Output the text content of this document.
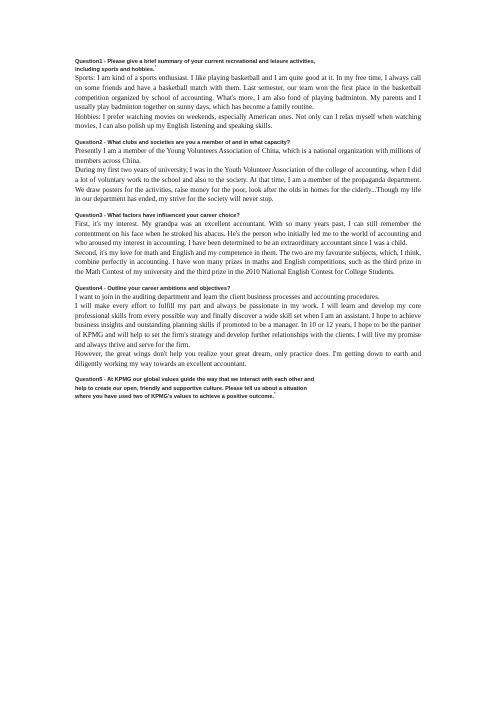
Question1 - Please give a brief summary of your current recreational and leisure activities,
including sports and hobbies.*

Sports: I am kind of a sports enthusiast. I like playing basketball and I am quite good at it. In my free time, I always call on some friends and have a basketball match with them. Last semester, our team won the first place in the basketball competition organized by school of accounting. What's more, I am also fond of playing badminton. My parents and I usually play badminton together on sunny days, which has become a family routine.

Hobbies: I prefer watching movies on weekends, especially American ones. Not only can I relax myself when watching movies, I can also polish up my English listening and speaking skills.

Question2 - What clubs and societies are you a member of and in what capacity?

Presently I am a member of the Young Volunteers Association of China, which is a national organization with millions of members across China.

During my first two years of university, I was in the Youth Volunteer Association of the college of accounting, when I did a lot of voluntary work to the school and also to the society. At that time, I am a member of the propaganda department. We draw posters for the activities, raise money for the poor, look after the olds in homes for the ciderly...Though my life in our department has ended, my strive for the society will never stop.

Question3 - What factors have influenced your career choice?

First, it's my interest. My grandpa was an excellent accountant. With so many years past, I can still remember the contentment on his face when he stroked his abacus. He's the person who initially led me to the world of accounting and who aroused my interest in accounting. I have been determined to be an extraordinary accountant since I was a child.

Second, it's my love for math and English and my competence in them. The two are my favourite subjects, which, I think, combine perfectly in accounting. I have won many prizes in maths and English competitions, such as the third prize in the Math Contest of my university and the third prize in the 2010 National English Contest for College Students.

Question4 - Outline your career ambitions and objectives?

I want to join in the auditing department and learn the client business processes and accounting procedures.

I will make every effort to fulfill my part and always be passionate in my work. I will learn and develop my core professional skills from every possible way and finally discover a wide skill set when I am an assistant. I hope to achieve business insights and outstanding planning skills if promoted to be a manager. In 10 or 12 years, I hope to be the partner of KPMG and will help to set the firm's strategy and develop further relationships with the clients. I will live my promise and always thrive and serve for the firm.

However, the great wings don't help you realize your great dream, only practice does. I'm getting down to earth and diligently working my way towards an excellent accountant.

Question5 - At KPMG our global values guide the way that we interact with each other and
help to create our open, friendly and supportive culture. Please tell us about a situation
where you have used two of KPMG's values to achieve a positive outcome.*
